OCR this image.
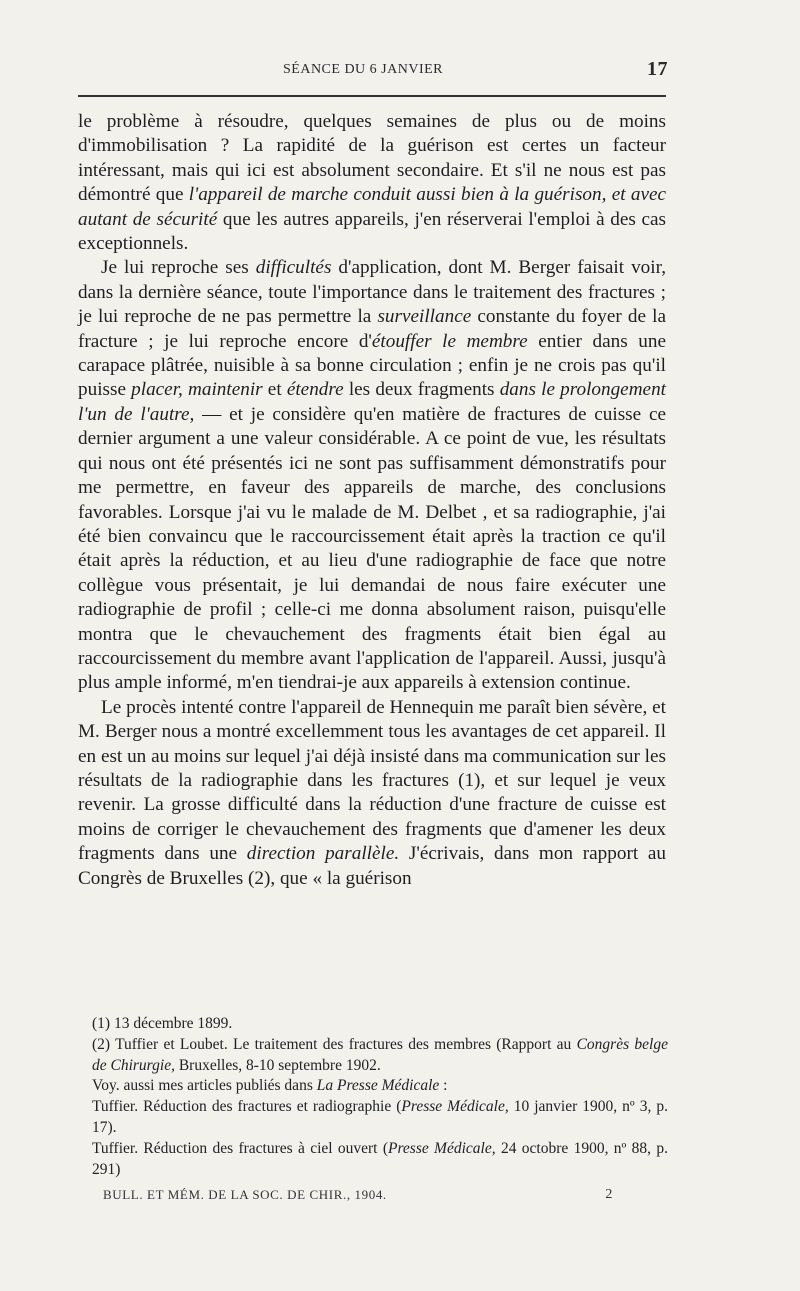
SÉANCE DU 6 JANVIER	17

le problème à résoudre, quelques semaines de plus ou de moins d'immobilisation ? La rapidité de la guérison est certes un facteur intéressant, mais qui ici est absolument secondaire. Et s'il ne nous est pas démontré que l'appareil de marche conduit aussi bien à la guérison, et avec autant de sécurité que les autres appareils, j'en réserverai l'emploi à des cas exceptionnels.

Je lui reproche ses difficultés d'application, dont M. Berger faisait voir, dans la dernière séance, toute l'importance dans le traitement des fractures ; je lui reproche de ne pas permettre la surveillance constante du foyer de la fracture ; je lui reproche encore d'étouffer le membre entier dans une carapace plâtrée, nuisible à sa bonne circulation ; enfin je ne crois pas qu'il puisse placer, maintenir et étendre les deux fragments dans le prolongement l'un de l'autre, — et je considère qu'en matière de fractures de cuisse ce dernier argument a une valeur considérable. A ce point de vue, les résultats qui nous ont été présentés ici ne sont pas suffisamment démonstratifs pour me permettre, en faveur des appareils de marche, des conclusions favorables. Lorsque j'ai vu le malade de M. Delbet , et sa radiographie, j'ai été bien convaincu que le raccourcissement était après la traction ce qu'il était après la réduction, et au lieu d'une radiographie de face que notre collègue vous présentait, je lui demandai de nous faire exécuter une radiographie de profil ; celle-ci me donna absolument raison, puisqu'elle montra que le chevauchement des fragments était bien égal au raccourcissement du membre avant l'application de l'appareil. Aussi, jusqu'à plus ample informé, m'en tiendrai-je aux appareils à extension continue.

Le procès intenté contre l'appareil de Hennequin me paraît bien sévère, et M. Berger nous a montré excellemment tous les avantages de cet appareil. Il en est un au moins sur lequel j'ai déjà insisté dans ma communication sur les résultats de la radiographie dans les fractures (1), et sur lequel je veux revenir. La grosse difficulté dans la réduction d'une fracture de cuisse est moins de corriger le chevauchement des fragments que d'amener les deux fragments dans une direction parallèle. J'écrivais, dans mon rapport au Congrès de Bruxelles (2), que « la guérison

(1) 13 décembre 1899.

(2) Tuffier et Loubet. Le traitement des fractures des membres (Rapport au Congrès belge de Chirurgie, Bruxelles, 8-10 septembre 1902.

Voy. aussi mes articles publiés dans La Presse Médicale :

Tuffier. Réduction des fractures et radiographie (Presse Médicale, 10 janvier 1900, nº 3, p. 17).

Tuffier. Réduction des fractures à ciel ouvert (Presse Médicale, 24 octobre 1900, nº 88, p. 291)

BULL. ET MÉM. DE LA SOC. DE CHIR., 1904.	2
